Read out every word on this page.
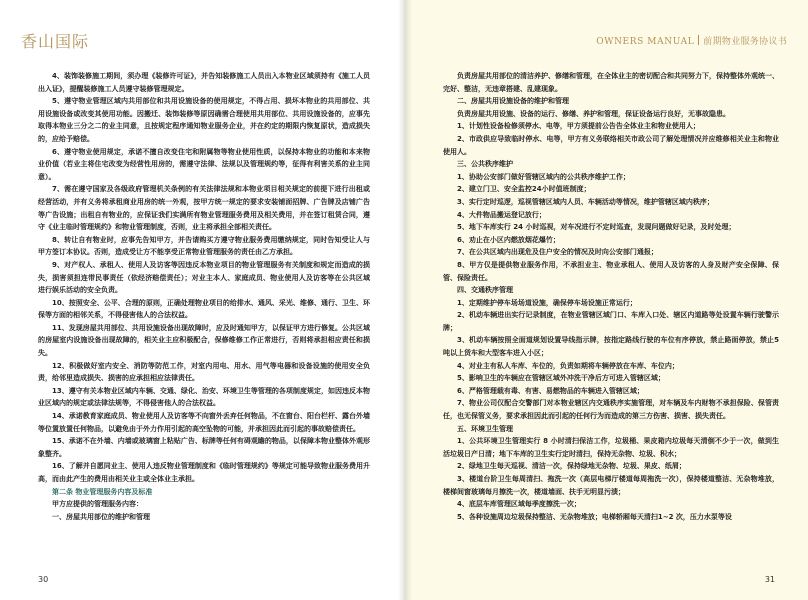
香山国际

4、装饰装修施工期间，须办理《装修许可证》，并告知装修施工人员出入本物业区域须持有《施工人员出入证》，提醒装修施工人员遵守装修管理规定。

5、遵守物业管理区域内共用部位和共用设施设备的使用规定，不得占用、损坏本物业的共用部位、共用设施设备或改变其使用功能。因搬迁、装饰装修等原因确需合理使用共用部位、共用设施设备的，应事先取得本物业三分之二的业主同意，且按规定程序通知物业服务企业，并在约定的期限内恢复原状，造成损失的，应给予赔偿。

6、遵守物业使用规定，承诺不擅自改变住宅和附属物等物业使用性质，以保持本物业的功能和本来物业价值（若业主将住宅改变为经营性用房的，需遵守法律、法规以及管理规约等，征得有利害关系的业主同意）。

7、需在遵守国家及各级政府管理机关条例的有关法律法规和本物业项目相关规定的前提下进行出租或经营活动，并有义务将承租商业用房的统一外观，按甲方统一规定的要求安装铺面招牌、广告牌及店铺广告等广告设施；出租自有物业的，应保证我们实满所有物业管理服务费用及相关费用，并在签订租赁合同，遵守《业主临时管理规约》和物业管理制度，否则，业主将承担全部相关责任。

8、转让自有物业时，应事先告知甲方，并告请购买方遵守物业服务费用缴纳规定，同时告知受让人与甲方签订本协议。否则，造成受让方不能享受正常物业管理服务的责任由乙方承担。

9、对产权人、承租人、使用人及访客等因违反本物业项目的物业管理服务有关制度和规定而造成的损失，损害须担连带民事责任（依经济赔偿责任）；对业主本人、家庭成员、物业使用人及访客等在公共区域进行娱乐活动的安全负责。

10、按照安全、公平、合理的原则，正确处理物业项目的给排水、通风、采光、维修、通行、卫生、环保等方面的相邻关系，不得侵害他人的合法权益。

11、发现房屋共用部位、共用设施设备出现故障时，应及时通知甲方，以保证甲方进行修复。公共区域的房屋室内设施设备出现故障的，相关业主应积极配合，保修维修工作正常进行，否则将承担相应责任和损失。

12、积极做好室内安全、消防等防范工作，对室内用电、用水、用气等电器和设备设施的使用安全负责，给邻里造成损失、损害的应承担相应法律责任。

13、遵守有关本物业区域内车辆、交通、绿化、治安、环境卫生等管理的各项制度规定，如因违反本物业区域内的规定或法律法规等，不得侵害他人的合法权益。

14、承诺教育家庭成员、物业使用人及访客等不向窗外丢弃任何物品，不在窗台、阳台栏杆、露台外墙等位置放置任何物品，以避免由于外力作用引起的高空坠物的可能，并承担因此而引起的事故赔偿责任。

15、承诺不在外墙、内墙或玻璃窗上粘贴广告、标牌等任何有碍观瞻的物品，以保障本物业整体外观形象整齐。

16、了解并自愿同业主、使用人违反物业管理制度和《临时管理规约》等规定可能导致物业服务费用升高，而由此产生的费用由相关业主或全体业主承担。

第二条 物业管理服务内容及标准

甲方应提供的管理服务内容：

一、房屋共用部位的维护和管理

30
OWNERS MANUAL 前期物业服务协议书

负责房屋共用部位的清洁养护、修缮和管理，在全体业主的密切配合和共同努力下，保持整体外观统一、完好、整洁，无违章搭建、乱建现象。

二、房屋共用设施设备的维护和管理

负责房屋共用设施、设备的运行、修缮、养护和管理，保证设备运行良好，无事故隐患。

1、计划性设备检修须停水、电等，甲方须提前公告告全体业主和物业使用人；

2、市政供应导致临时停水、电等，甲方有义务联络相关市政公司了解处理情况并应维修相关业主和物业使用人。

三、公共秩序维护

1、协助公安部门做好管辖区域内的公共秩序维护工作；

2、建立门卫、安全监控24小时值班制度；

3、实行定时巡逻，巡视管辖区域内人员、车辆活动等情况，维护管辖区域内秩序；

4、大件物品搬运登记放行；

5、地下车库实行 24 小时巡视，对车况进行不定时巡查，发现问题做好记录，及时处理；

6、劝止在小区内燃放烟花爆竹；

7、在公共区域内出现危及住户安全的情况及时向公安部门通报；

8、甲方仅是提供物业服务作用，不承担业主、物业承租人、使用人及访客的人身及财产安全保障、保管、保险责任。

四、交通秩序管理

1、定期维护停车场场道设施，确保停车场设施正常运行；

2、机动车辆进出实行记录制度，在物业管辖区域门口、车库入口处、辖区内道路等处设置车辆行驶警示牌；

3、机动车辆按照全面道规划设置导线指示牌，按指定路线行驶的车位有序停放，禁止路面停放，禁止5吨以上货车和大型客车进入小区；

4、对业主有私人车库、车位的，负责如期将车辆停放在车库、车位内；

5、影响卫生的车辆应在管辖区域外冲洗干净后方可进入管辖区域；

6、严格管理载有毒、有害、易燃物品的车辆进入管辖区域；

7、物业公司仅配合交警部门对本物业辖区内交通秩序实施管理，对车辆及车内财物不承担保险、保管责任，也无保管义务，要求承担因此而引起的任何行为而造成的第三方伤害、损害、损失责任。

五、环境卫生管理

1、公共环境卫生管理实行 8 小时清扫保洁工作，垃圾桶、果皮箱内垃圾每天清倒不少于一次，做到生活垃圾日产日清；地下车库的卫生实行定时清扫，保持无杂物、垃圾、积水；

2、绿地卫生每天巡视、清洁一次，保持绿地无杂物、垃圾、果皮、纸屑；

3、楼道台阶卫生每周清扫、拖洗一次（高层电梯厅楼道每周拖洗一次），保持楼道整洁、无杂物堆放，楼梯间窗玻璃每月擦洗一次，楼道墙面、扶手无明显污渍；

4、底层车库管理区域每季度擦洗一次；

5、各种设施周边垃圾保持整洁、无杂物堆放；电梯轿厢每天清扫1~2 次，压力水泵等设

31
